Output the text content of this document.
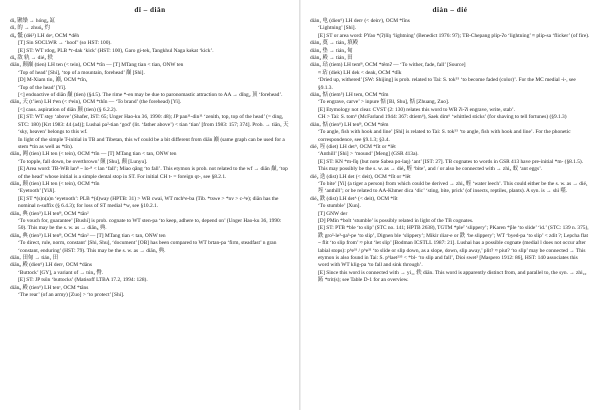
dī – diān
dìₐ 锹缲 → hóng₂ 缸
dì₇ 的 → zhuó₆ 灼
dì₈ 骶 (dèi²) LH deᶜ, OCM *dêh
[T] Sin SOCLWR → ‘hoof’ (so HST: 100).
[E] ST: WT rdog, PLB *r-dak ‘kick’ (HST: 100), Garo gi-tek, Tangkhul Naga kəkat ‘kick’.
dì₉ 敌 轨 → dié₃ 轶
diān₁ 颠巅 (tien) LH ten (< tein), OCM *tîn — [T] MTang tian < tian, ONW ten
‘Top of head’ [Shi], ‘top of a mountain, forehead’ 巅 [Shi].
[D] M-Xiam tin₁ 巅, OCM *tîn₁
‘Top of the head’ [Yi].
[<] endoactive of diān 巅 (tien) (§4.5). The rime *-en may be due to paronomastic attraction to AA → dǐng₂ 顶 ‘forehead’.
diān₂ 天 (t’ien) LH tʰen (< tʰein), OCM *thîn — ‘To brand’ (the forehead) [Yi].
[<] caus. aspiration of diān 颠 (tien) (§ 6.2.2).
[E] ST: WT stęy ‘above’ (Shafer, IST: 65; Unger Hao-ku 36, 1990: 48); JP pan¹¹-din¹¹ ‘zenith, top, top of the head’ (= ding, STC: 180) [Krt 1983: 44 (a4)]; Lushai pa²-tian ‘god’ (lit. ‘father above’) < tian ‘tian’ [from 1983: 157; 374]. Prob. → tiān₁ 天 ‘sky, heaven’ belongs to this wf.
In light of the simple T-initial in TB and Tibetan, this wf could be a bit different from diān 巅 (same graph can be used for a stem *tin as well as *tîn).
diān₃ 阗 (tien) LH ten (< tein), OCM *tîn — [T] MTang tian < tan, ONW ten
‘To topple, fall down, be overthrown’ 颠 [Shu], 颠 [Lunyu].
[E] Area word: TB-WB lan⁸ ~ lo‑⁸ < lan ‘fall’; Miao qǎng ‘to fall’. This etymon is prob. not related to the wf → diān 巅, ‘top of the head’ whose initial is a simple dental stop in ST. For initial CH t- = foreign qt-, see §8.2.1.
diān₄ 颠 (tien) LH ten (< tein), OCM *tîn
‘Eyetooth’ [YiJi].
[E] ST *(s)n(a)n ‘eyetooth’: PLB *(d)way (HPTB: 31) > WB cwai, WT mchʰe-ba (Tib. *tswe > *nv > c‑ʰe); diān has the nominal n-suffix (§ 6.4.3); for loss of ST medial *w, see §10.2.1.
diān₅ 典 (tien⁵) LH tenᴮ, OCM *tân²
‘To vouch for, guarantee’ [Bushi] is prob. cognate to WT sten-pa ‘to keep, adhere to, depend on’ (Unger Hao-ku 36, 1990: 50). This may be the s. w. as → diān₆ 典.
diān₆ 典 (tien⁵) LH tenᴮ, OCM *tân² — [T] MTang tian < tan, ONW ten
‘To direct, rule, norm, constant’ [Shi, Shu], ‘document’ [OB] has been compared to WT brtan-pa ‘firm, steadfast’ n gran ‘constant, enduring’ (HST: 79). This may be the s. w. as → diān₅ 典.
diān₇ 田甸 → tián₁ 田
diān₈ 殿 (dien⁶) LH denᶜ, OCM *dâns
‘Buttock’ [GY], a variant of → tún₃ 臀.
[E] ST: JP tsǔn ‘buttocks’ (Matisoff LTBA 17.2, 1994: 128).
diān₉ 殿 (tien⁶) LH tenᶜ, OCM *tâns
‘The rear’ (of an army) [Zuo] > ‘to protect’ [Shi].
diàn – dié
diàn₁ 电 (dien⁶) LH denᶜ (< deinᶜ), OCM *lîns
‘Lightning’ [Shi].
[E] ST or area word: PYao *(ʔ)lǐŋ ‘lightning’ (Benedict 1976: 97); TB-Chepang plip-ʔo ‘lightning’ ≈ plip-sa ‘flicker’ (of fire).
diàn₂ 奠 → tián₂ 填殿
diàn₃ 垫 → tián₃ 甸
diàn₄ 殿 → tián₁ 田
diàn₅ 玷 (tiem) LH temᴮ, OCM *têmʔ — ‘To wither, fade, fall’ [Source]
≈ 玷 (diek) LH dek < deak, OCM *dîk
‘Dried up, withered’ [SW: Shijing] is prob. related to Tai: S. tok⁵⁵ ‘to become faded (color)’. For the MC medial -i-, see §9.1.3.
diàn₆ 惦 (tiem⁵) LH tem, OCM *tîm
‘To engrave, carve’ > inpure 惦 [Bl, Shu], 惦 [Zhuang, Zuo].
[E] Etymology not clear. CVST (2: 130) relates this word to WB ʔi‑ʔi engrave, write, stab’.
CH > Tai: S. tom⁶ (McFarland 1944: 367: dtiem⁶), Saek dim⁶ ‘whittled sticks’ (for shaving to tell fortunes) (§9.1.3)
diàn₇ 惦 (tien⁶) LH tenᴮ, OCM *têm
‘To angle, fish with hook and line’ [Shi] is related to Tai: S. tok⁵⁵ ‘to angle, fish with hook and line’. For the phonetic correspondence, see §9.1.3; §3.4.
dié₁ 垤 (diet) LH detᴬ, OCM *lît or *lêt
‘Anthill’ [Shi] > ‘mound’ [Meng] (GSR 413a).
[E] ST: KN *m-lîŋ (but note Sabea pɑ-laŋ) ‘ant’ [IST: 27]. TB cognates to words in GSR 413 have pre-initial *m- (§8.1.5). This may possibly be the s. w. as → dié₃ 蛭 ‘bite’, and / or also be connected with → zhi₃ 蚁 ‘ant eggs’.
dié₂ 迭 (dist) LH det (< deit), OCM *lît or *lêt
‘To bite’ [Yi] (a tiger a person) from which could be derived → zhi₃ 蛭 ‘water leech’. This could either be the s. w. as → dié₁ 垤 ‘anthill’; or be related to AA-Khmer dica ‘dic’ ‘sting, bite, prick’ (of insects, reptiles, plants). A syn. is → shì 噬.
dié₃ 跌 (dist) LH detᴬ (< deit), OCM *lît
‘To stumble’ [Xun].
[T] GNW der
[D] PMin *bolt ‘stumble’ is possibly related in light of the TB cognates.
[E] ST: PTB *ble ‘to slip’ (STC no. 141; HPTB 2638), TGTM *pleˀ ‘slippery’; PKaren *p̃le ‘to slide’ ‘id.’ (STC: 139 n. 375), 跌 gro²-le³-ɡa³-pe ‘to slip’, Dignen ble ‘slippery’; Mikir ɪliar-e or 跌 ‘be slippery’; WT ‘byed-pa ‘to slip’ < zdit ?; Lepcha flat ~ flit ‘to slip from’ ≈ plut ‘let slip’ [Bodman ICSTLL 1987: 21]. Lushai has a possible cognate (medial l does not occur after labial stops): pʰe³¹ / pʰe³¹ ‘to slide or slip down, as a slope, down, slip away,’ plit? ≈ piut? ‘to slip’ may be connected → This etymon is also found in Tai: S. pʰlaet²³⁵ < *bl- ‘to slip and fall’, Dioi swet² [Maspero 1912: 86], HST: 140 associates this word with WT klig-pa ‘to fall and sink through’.
[E] Since this word is connected with → yi₁₁ 轶 diān. This word is apparently distinct from, and parallel to, the syn. → zhi₁₀ 跖 *trit(s); see Table D-1 for an overview.
